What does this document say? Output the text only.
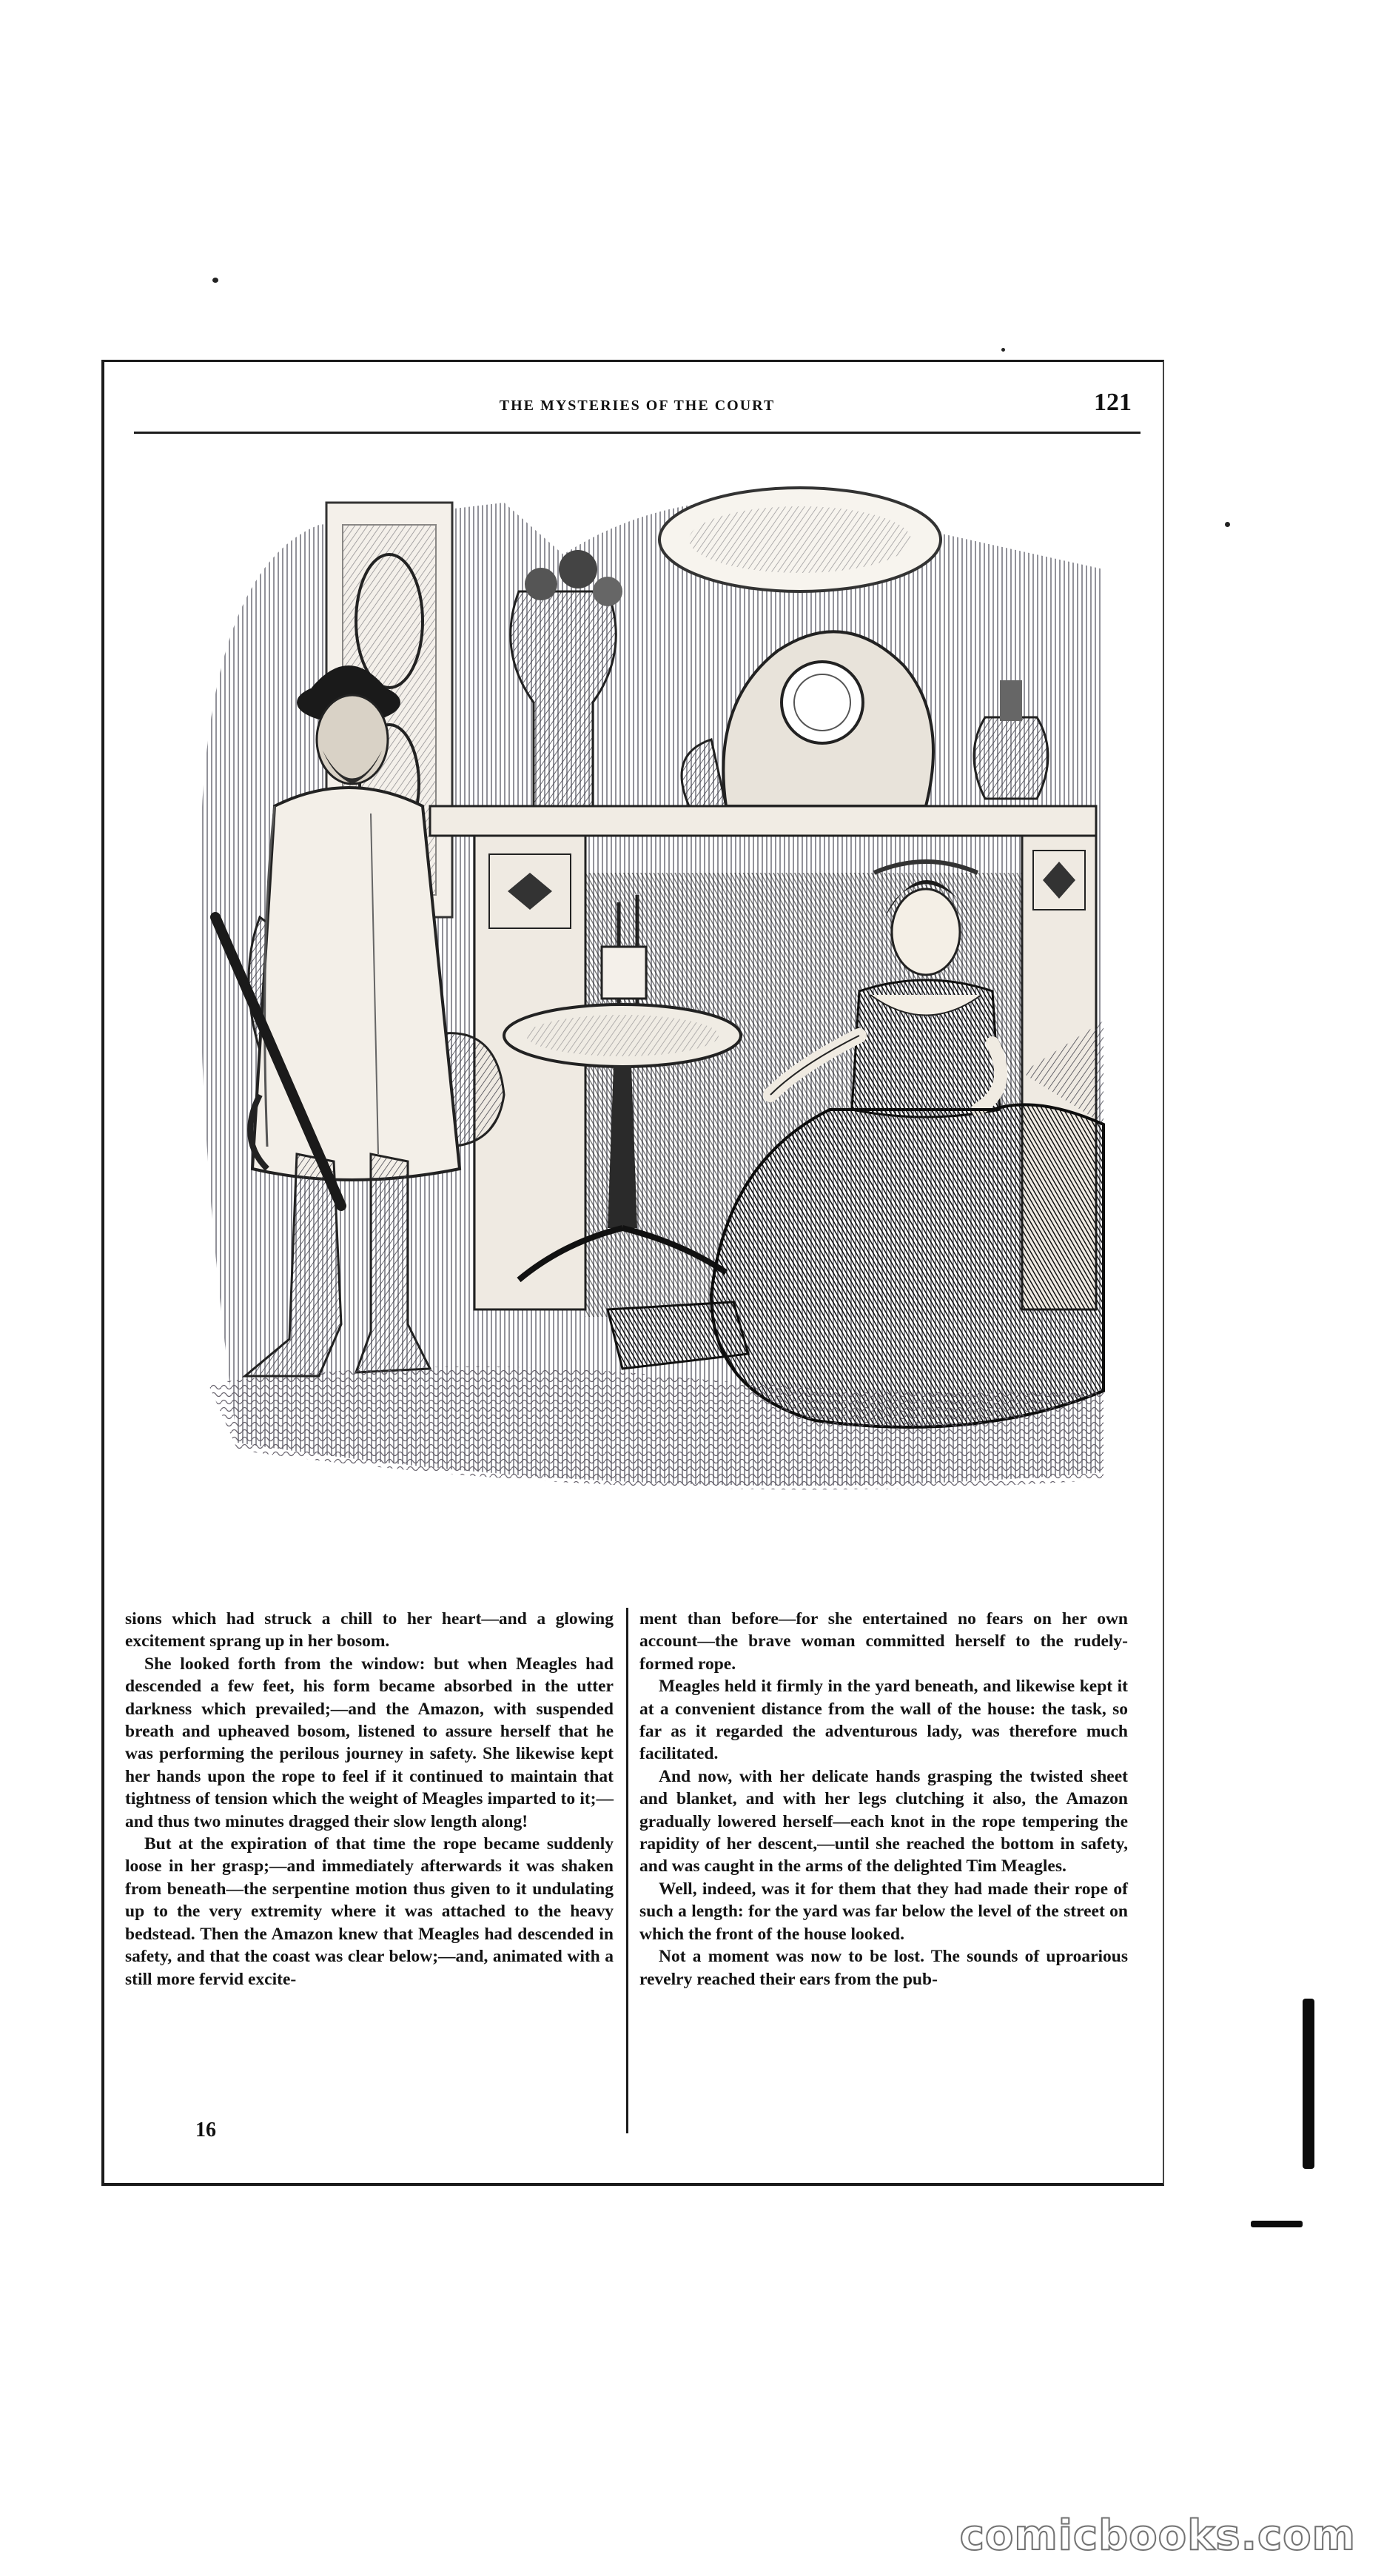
THE MYSTERIES OF THE COURT	121

sions which had struck a chill to her heart—and a glowing excitement sprang up in her bosom.

She looked forth from the window: but when Meagles had descended a few feet, his form became absorbed in the utter darkness which prevailed;—and the Amazon, with suspended breath and upheaved bosom, listened to assure herself that he was performing the perilous journey in safety. She likewise kept her hands upon the rope to feel if it continued to maintain that tightness of tension which the weight of Meagles imparted to it;—and thus two minutes dragged their slow length along!

But at the expiration of that time the rope became suddenly loose in her grasp;—and immediately afterwards it was shaken from beneath—the serpentine motion thus given to it undulating up to the very extremity where it was attached to the heavy bedstead. Then the Amazon knew that Meagles had descended in safety, and that the coast was clear below;—and, animated with a still more fervid excite-

ment than before—for she entertained no fears on her own account—the brave woman committed herself to the rudely-formed rope.

Meagles held it firmly in the yard beneath, and likewise kept it at a convenient distance from the wall of the house: the task, so far as it regarded the adventurous lady, was therefore much facilitated.

And now, with her delicate hands grasping the twisted sheet and blanket, and with her legs clutching it also, the Amazon gradually lowered herself—each knot in the rope tempering the rapidity of her descent,—until she reached the bottom in safety, and was caught in the arms of the delighted Tim Meagles.

Well, indeed, was it for them that they had made their rope of such a length: for the yard was far below the level of the street on which the front of the house looked.

Not a moment was now to be lost. The sounds of uproarious revelry reached their ears from the pub-

16
comicbooks.com
